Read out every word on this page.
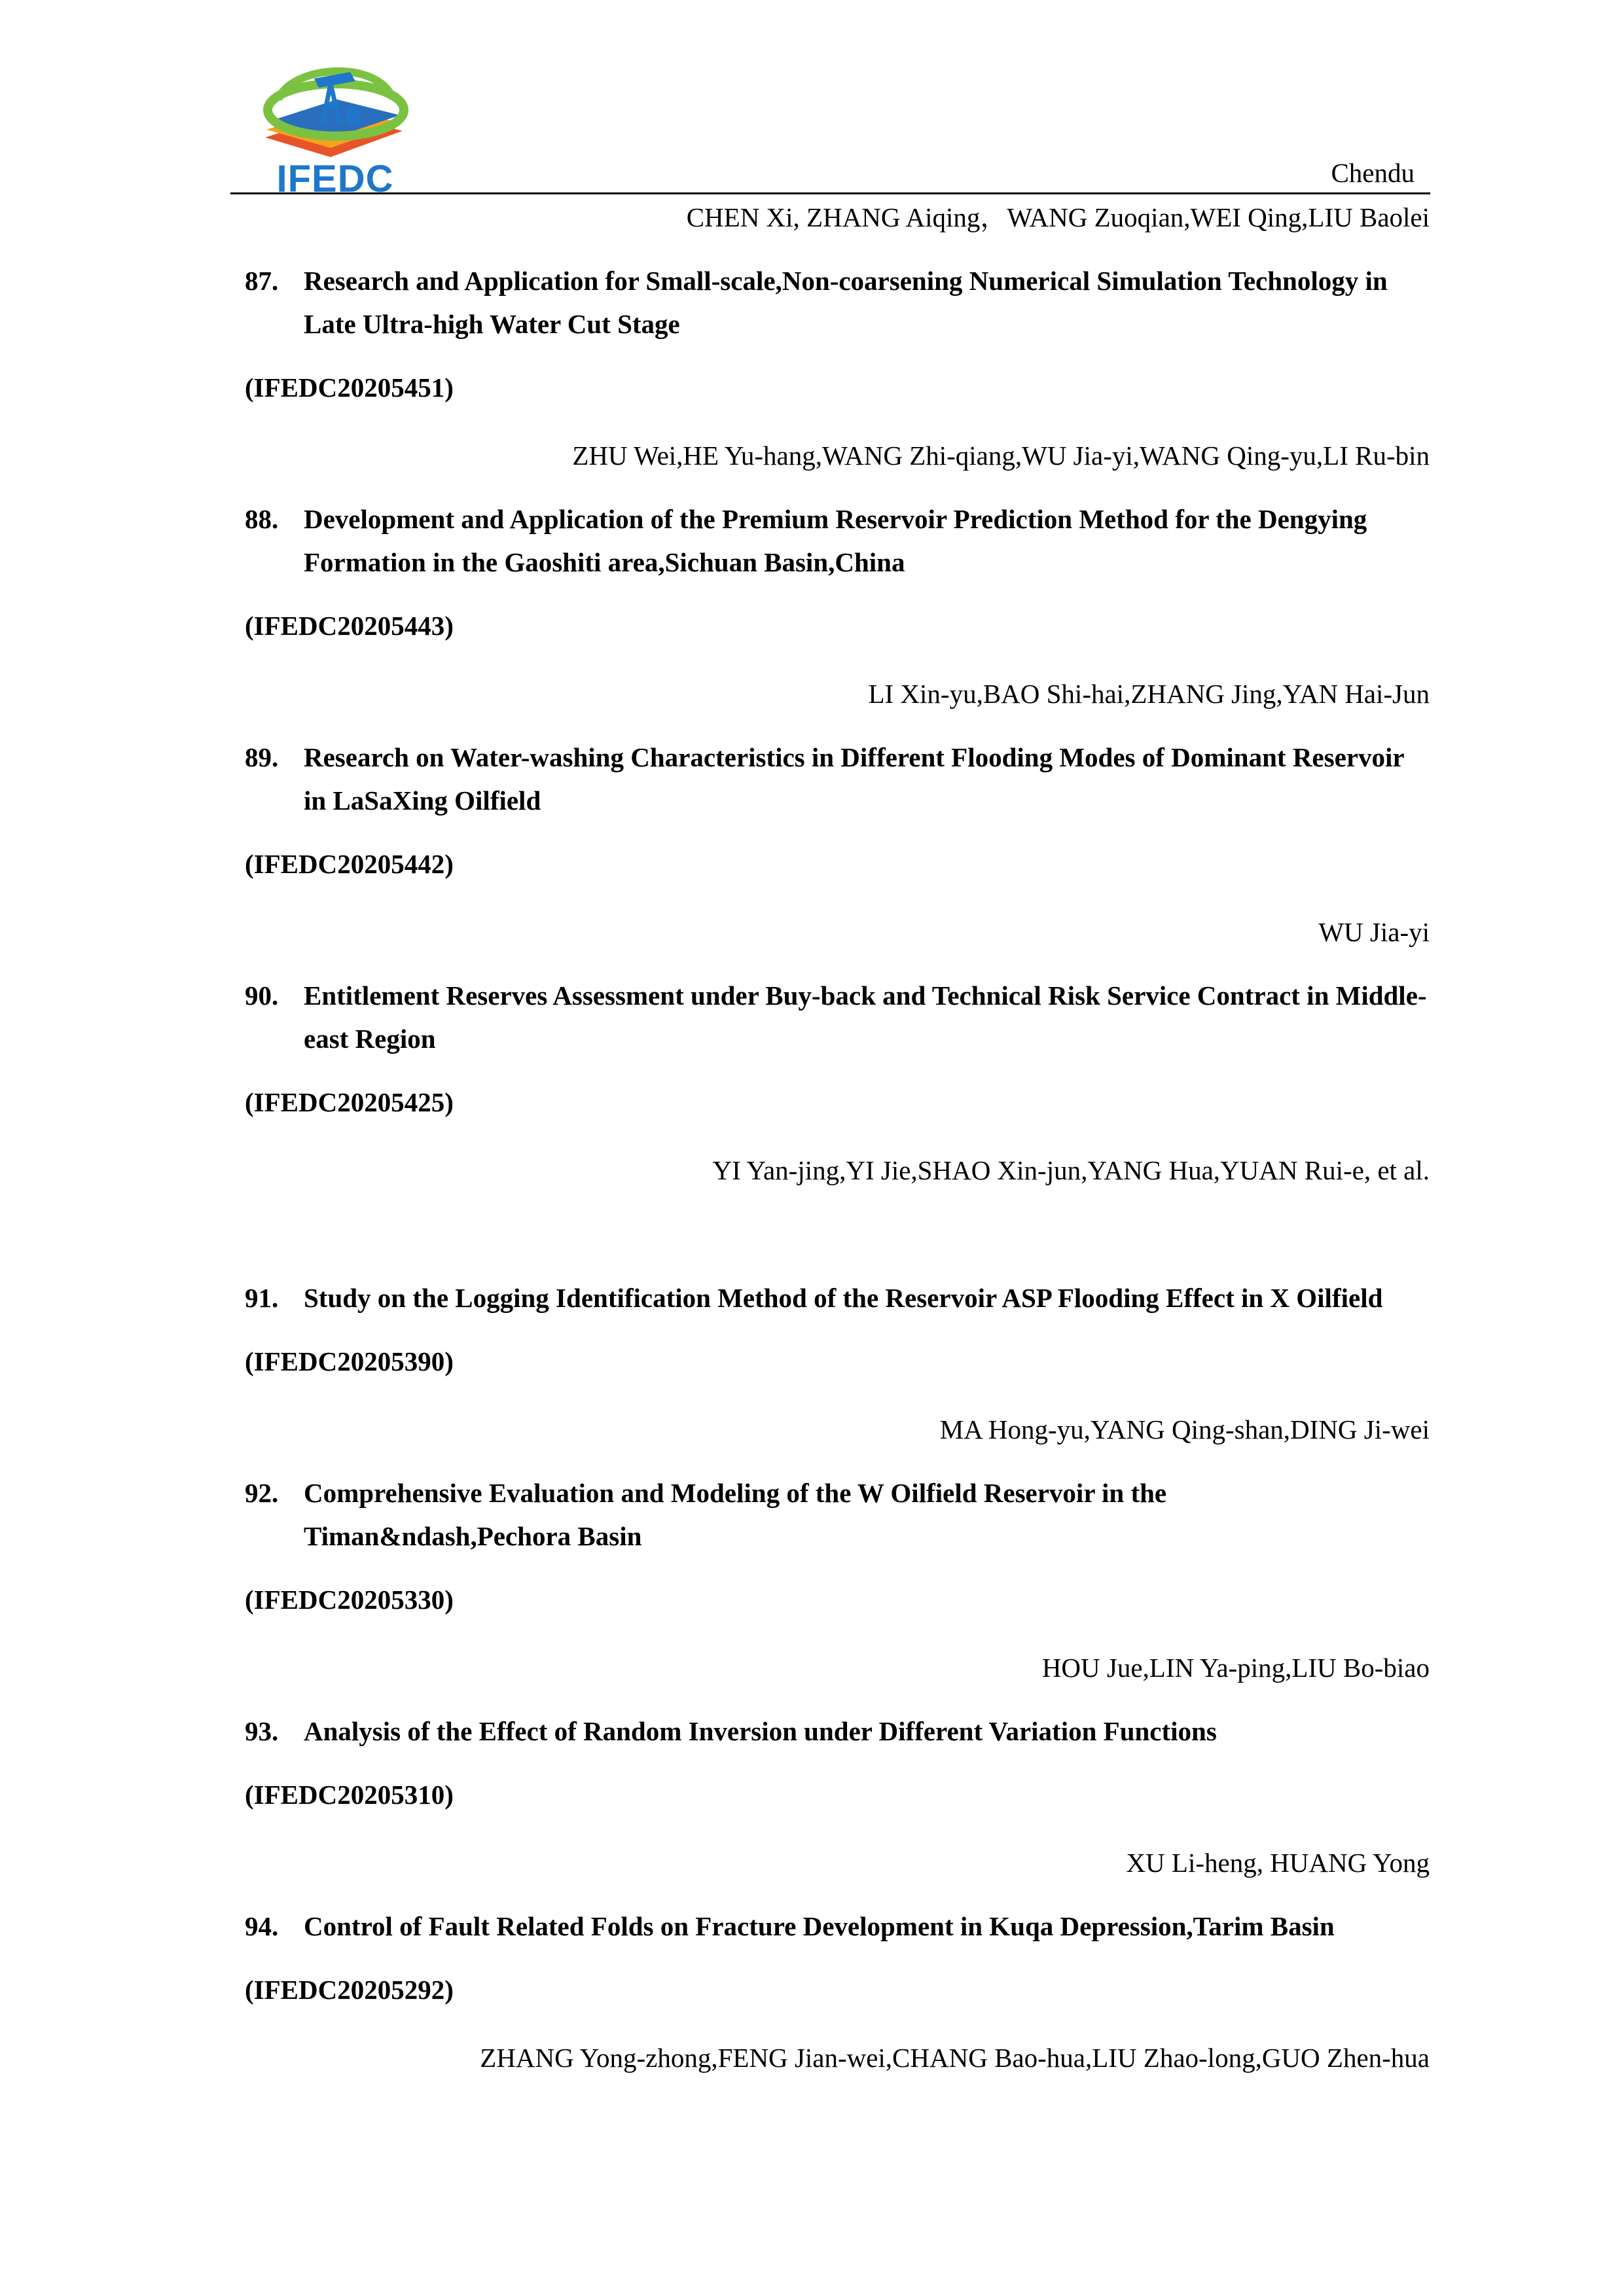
IFEDC	Chendu
CHEN Xi, ZHANG Aiqing，WANG Zuoqian,WEI Qing,LIU Baolei
87. Research and Application for Small-scale,Non-coarsening Numerical Simulation Technology in Late Ultra-high Water Cut Stage
(IFEDC20205451)
ZHU Wei,HE Yu-hang,WANG Zhi-qiang,WU Jia-yi,WANG Qing-yu,LI Ru-bin
88. Development and Application of the Premium Reservoir Prediction Method for the Dengying Formation in the Gaoshiti area,Sichuan Basin,China
(IFEDC20205443)
LI Xin-yu,BAO Shi-hai,ZHANG Jing,YAN Hai-Jun
89. Research on Water-washing Characteristics in Different Flooding Modes of Dominant Reservoir in LaSaXing Oilfield
(IFEDC20205442)
WU Jia-yi
90. Entitlement Reserves Assessment under Buy-back and Technical Risk Service Contract in Middle-east Region
(IFEDC20205425)
YI Yan-jing,YI Jie,SHAO Xin-jun,YANG Hua,YUAN Rui-e, et al.
91. Study on the Logging Identification Method of the Reservoir ASP Flooding Effect in X Oilfield
(IFEDC20205390)
MA Hong-yu,YANG Qing-shan,DING Ji-wei
92. Comprehensive Evaluation and Modeling of the W Oilfield Reservoir in the Timan&ndash,Pechora Basin
(IFEDC20205330)
HOU Jue,LIN Ya-ping,LIU Bo-biao
93. Analysis of the Effect of Random Inversion under Different Variation Functions
(IFEDC20205310)
XU Li-heng, HUANG Yong
94. Control of Fault Related Folds on Fracture Development in Kuqa Depression,Tarim Basin
(IFEDC20205292)
ZHANG Yong-zhong,FENG Jian-wei,CHANG Bao-hua,LIU Zhao-long,GUO Zhen-hua
